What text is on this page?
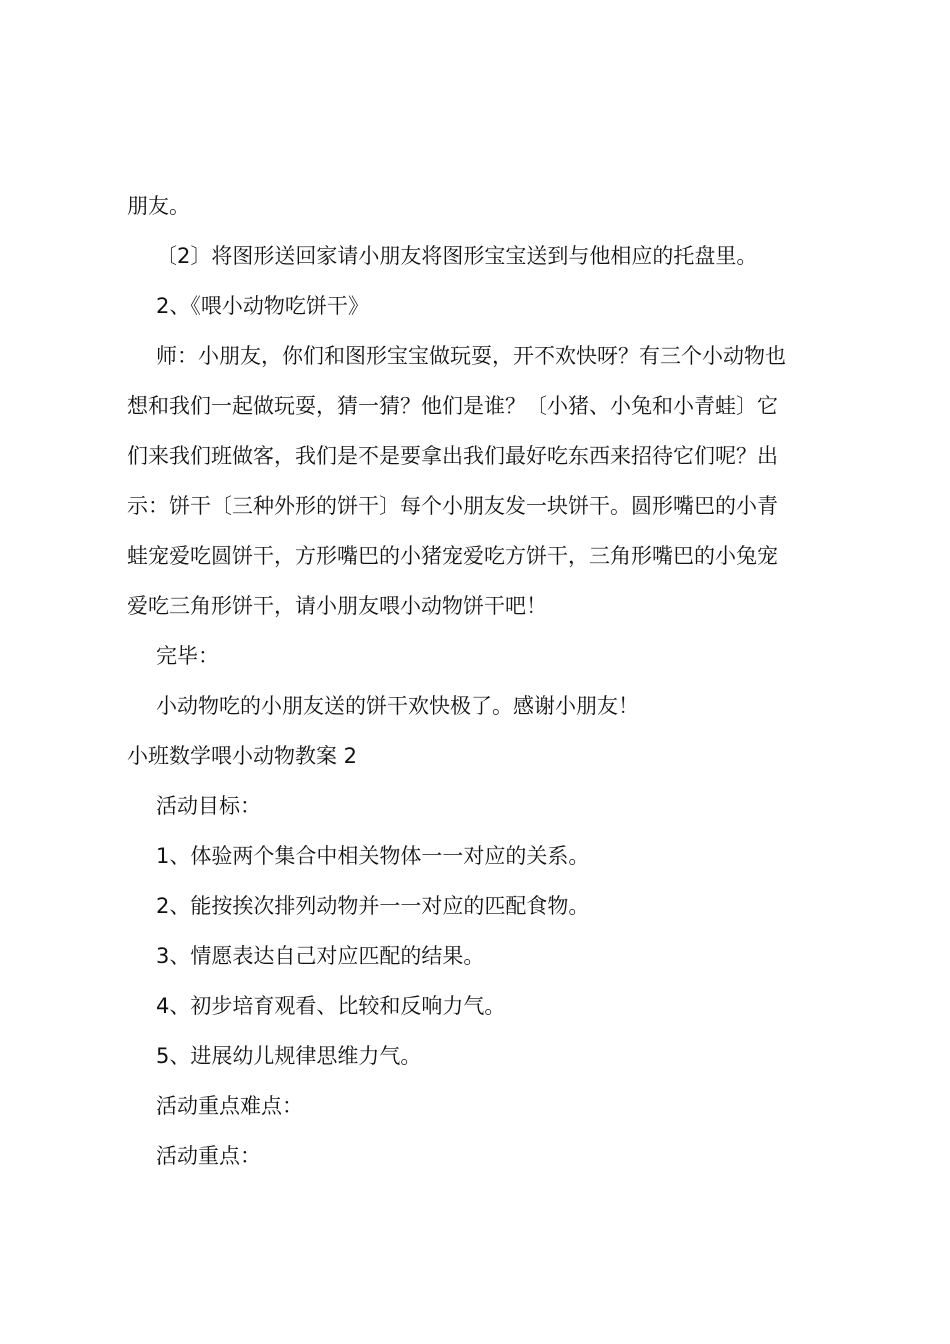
朋友。
〔2〕将图形送回家请小朋友将图形宝宝送到与他相应的托盘里。
2、《喂小动物吃饼干》
师：小朋友，你们和图形宝宝做玩耍，开不欢快呀？有三个小动物也
想和我们一起做玩耍，猜一猜？他们是谁？〔小猪、小兔和小青蛙〕它
们来我们班做客，我们是不是要拿出我们最好吃东西来招待它们呢？出
示：饼干〔三种外形的饼干〕每个小朋友发一块饼干。圆形嘴巴的小青
蛙宠爱吃圆饼干，方形嘴巴的小猪宠爱吃方饼干，三角形嘴巴的小兔宠
爱吃三角形饼干，请小朋友喂小动物饼干吧！
完毕：
小动物吃的小朋友送的饼干欢快极了。感谢小朋友！
小班数学喂小动物教案 2
活动目标：
1、体验两个集合中相关物体一一对应的关系。
2、能按挨次排列动物并一一对应的匹配食物。
3、情愿表达自己对应匹配的结果。
4、初步培育观看、比较和反响力气。
5、进展幼儿规律思维力气。
活动重点难点：
活动重点：
